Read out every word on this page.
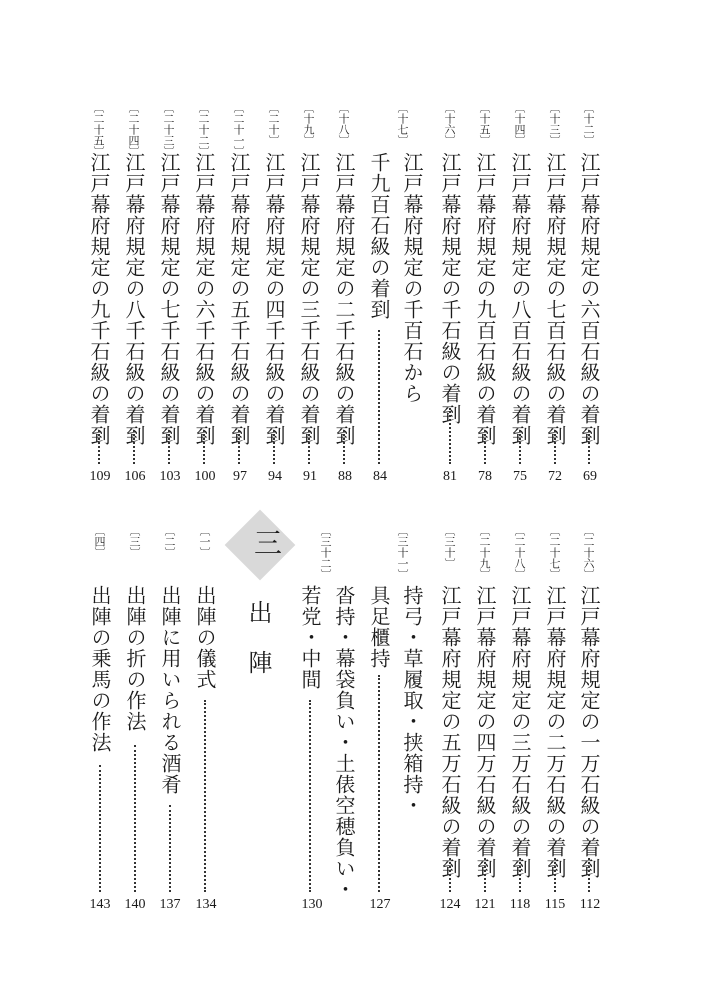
〔十二〕
江戸幕府規定の六百石級の着到
69
〔十三〕
江戸幕府規定の七百石級の着到
72
〔十四〕
江戸幕府規定の八百石級の着到
75
〔十五〕
江戸幕府規定の九百石級の着到
78
〔十六〕
江戸幕府規定の千石級の着到
81
〔十七〕
江戸幕府規定の千百石から
千九百石級の着到
84
〔十八〕
江戸幕府規定の二千石級の着到
88
〔十九〕
江戸幕府規定の三千石級の着到
91
〔二十〕
江戸幕府規定の四千石級の着到
94
〔二十一〕
江戸幕府規定の五千石級の着到
97
〔二十二〕
江戸幕府規定の六千石級の着到
100
〔二十三〕
江戸幕府規定の七千石級の着到
103
〔二十四〕
江戸幕府規定の八千石級の着到
106
〔二十五〕
江戸幕府規定の九千石級の着到
109
〔二十六〕
江戸幕府規定の一万石級の着到
112
〔二十七〕
江戸幕府規定の二万石級の着到
115
〔二十八〕
江戸幕府規定の三万石級の着到
118
〔二十九〕
江戸幕府規定の四万石級の着到
121
〔三十〕
江戸幕府規定の五万石級の着到
124
〔三十一〕
持弓・草履取・挟箱持・
具足櫃持
127
〔三十二〕
沓持・幕袋負い・土俵空穂負い・
若党・中間
130
三
出陣
〔一〕
出陣の儀式
134
〔二〕
出陣に用いられる酒肴
137
〔三〕
出陣の折の作法
140
〔四〕
出陣の乗馬の作法
143
